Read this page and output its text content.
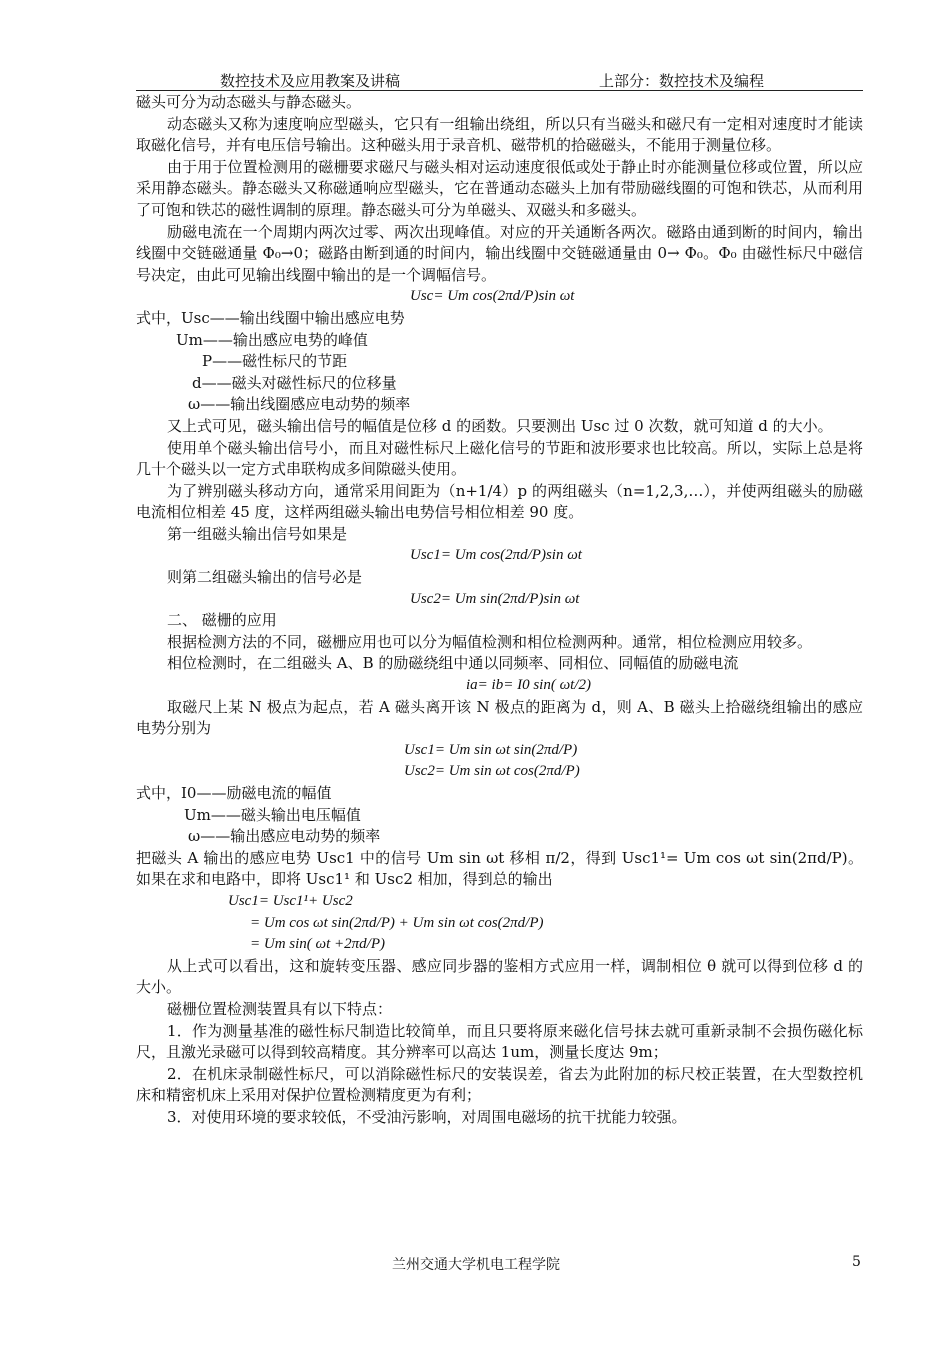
数控技术及应用教案及讲稿	上部分：数控技术及编程

磁头可分为动态磁头与静态磁头。

动态磁头又称为速度响应型磁头，它只有一组输出绕组，所以只有当磁头和磁尺有一定相对速度时才能读取磁化信号，并有电压信号输出。这种磁头用于录音机、磁带机的拾磁磁头，不能用于测量位移。

由于用于位置检测用的磁栅要求磁尺与磁头相对运动速度很低或处于静止时亦能测量位移或位置，所以应采用静态磁头。静态磁头又称磁通响应型磁头，它在普通动态磁头上加有带励磁线圈的可饱和铁芯，从而利用了可饱和铁芯的磁性调制的原理。静态磁头可分为单磁头、双磁头和多磁头。

励磁电流在一个周期内两次过零、两次出现峰值。对应的开关通断各两次。磁路由通到断的时间内，输出线圈中交链磁通量 Φ₀→0；磁路由断到通的时间内，输出线圈中交链磁通量由 0→ Φ₀。Φ₀ 由磁性标尺中磁信号决定，由此可见输出线圈中输出的是一个调幅信号。

Usc= Um cos(2πd/P)sin ωt

式中，Usc——输出线圈中输出感应电势

Um——输出感应电势的峰值

P——磁性标尺的节距

d——磁头对磁性标尺的位移量

ω——输出线圈感应电动势的频率

又上式可见，磁头输出信号的幅值是位移 d 的函数。只要测出 Usc 过 0 次数，就可知道 d 的大小。

使用单个磁头输出信号小，而且对磁性标尺上磁化信号的节距和波形要求也比较高。所以，实际上总是将几十个磁头以一定方式串联构成多间隙磁头使用。

为了辨别磁头移动方向，通常采用间距为（n+1/4）p 的两组磁头（n=1,2,3,…），并使两组磁头的励磁电流相位相差 45 度，这样两组磁头输出电势信号相位相差 90 度。

第一组磁头输出信号如果是

Usc1= Um cos(2πd/P)sin ωt

则第二组磁头输出的信号必是

Usc2= Um sin(2πd/P)sin ωt

二、 磁栅的应用

根据检测方法的不同，磁栅应用也可以分为幅值检测和相位检测两种。通常，相位检测应用较多。

相位检测时，在二组磁头 A、B 的励磁绕组中通以同频率、同相位、同幅值的励磁电流

ia= ib= I0 sin( ωt/2)

取磁尺上某 N 极点为起点，若 A 磁头离开该 N 极点的距离为 d，则 A、B 磁头上拾磁绕组输出的感应电势分别为

Usc1= Um sin ωt sin(2πd/P)

Usc2= Um sin ωt cos(2πd/P)

式中，I0——励磁电流的幅值

Um——磁头输出电压幅值

ω——输出感应电动势的频率

把磁头 A 输出的感应电势 Usc1 中的信号 Um sin ωt 移相 π/2，得到 Usc1¹= Um cos ωt sin(2πd/P)。如果在求和电路中，即将 Usc1¹ 和 Usc2 相加，得到总的输出

Usc1= Usc1¹+ Usc2

= Um cos ωt sin(2πd/P) + Um sin ωt cos(2πd/P)

= Um sin( ωt +2πd/P)

从上式可以看出，这和旋转变压器、感应同步器的鉴相方式应用一样，调制相位 θ 就可以得到位移 d 的大小。

磁栅位置检测装置具有以下特点：

1．作为测量基准的磁性标尺制造比较简单，而且只要将原来磁化信号抹去就可重新录制不会损伤磁化标尺，且激光录磁可以得到较高精度。其分辨率可以高达 1um，测量长度达 9m；

2．在机床录制磁性标尺，可以消除磁性标尺的安装误差，省去为此附加的标尺校正装置，在大型数控机床和精密机床上采用对保护位置检测精度更为有利；

3．对使用环境的要求较低，不受油污影响，对周围电磁场的抗干扰能力较强。

兰州交通大学机电工程学院	5
